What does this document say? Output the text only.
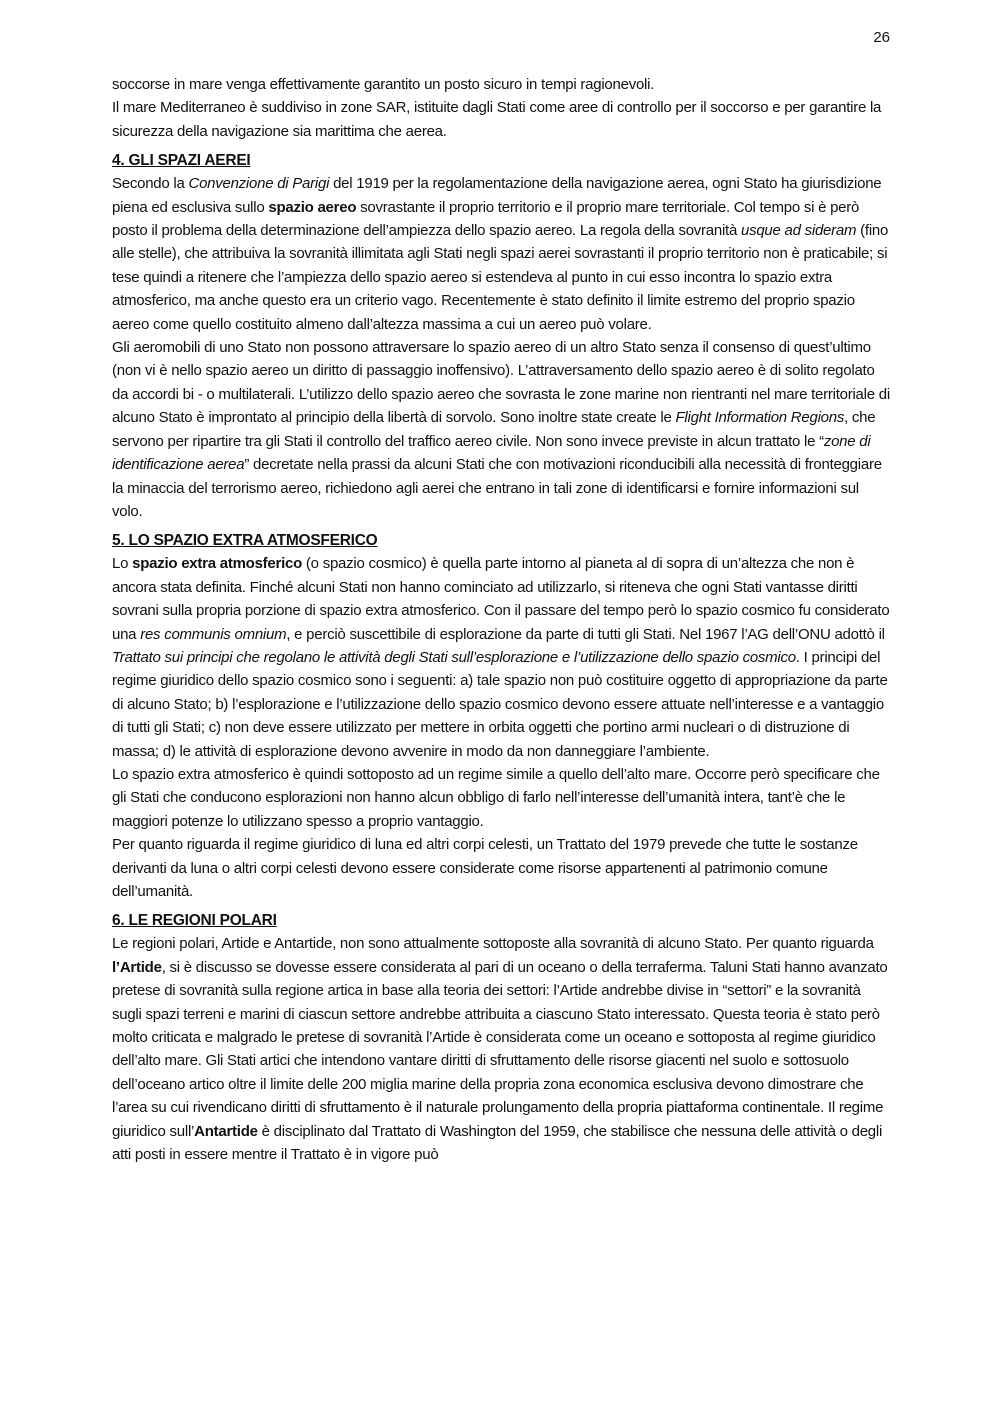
26

soccorse in mare venga effettivamente garantito un posto sicuro in tempi ragionevoli.

Il mare Mediterraneo è suddiviso in zone SAR, istituite dagli Stati come aree di controllo per il soccorso e per garantire la sicurezza della navigazione sia marittima che aerea.

4. GLI SPAZI AEREI

Secondo la Convenzione di Parigi del 1919 per la regolamentazione della navigazione aerea, ogni Stato ha giurisdizione piena ed esclusiva sullo spazio aereo sovrastante il proprio territorio e il proprio mare territoriale. Col tempo si è però posto il problema della determinazione dell’ampiezza dello spazio aereo. La regola della sovranità usque ad sideram (fino alle stelle), che attribuiva la sovranità illimitata agli Stati negli spazi aerei sovrastanti il proprio territorio non è praticabile; si tese quindi a ritenere che l’ampiezza dello spazio aereo si estendeva al punto in cui esso incontra lo spazio extra atmosferico, ma anche questo era un criterio vago. Recentemente è stato definito il limite estremo del proprio spazio aereo come quello costituito almeno dall’altezza massima a cui un aereo può volare.

Gli aeromobili di uno Stato non possono attraversare lo spazio aereo di un altro Stato senza il consenso di quest’ultimo (non vi è nello spazio aereo un diritto di passaggio inoffensivo). L’attraversamento dello spazio aereo è di solito regolato da accordi bi - o multilaterali. L’utilizzo dello spazio aereo che sovrasta le zone marine non rientranti nel mare territoriale di alcuno Stato è improntato al principio della libertà di sorvolo. Sono inoltre state create le Flight Information Regions, che servono per ripartire tra gli Stati il controllo del traffico aereo civile. Non sono invece previste in alcun trattato le “zone di identificazione aerea” decretate nella prassi da alcuni Stati che con motivazioni riconducibili alla necessità di fronteggiare la minaccia del terrorismo aereo, richiedono agli aerei che entrano in tali zone di identificarsi e fornire informazioni sul volo.

5. LO SPAZIO EXTRA ATMOSFERICO

Lo spazio extra atmosferico (o spazio cosmico) è quella parte intorno al pianeta al di sopra di un’altezza che non è ancora stata definita. Finché alcuni Stati non hanno cominciato ad utilizzarlo, si riteneva che ogni Stati vantasse diritti sovrani sulla propria porzione di spazio extra atmosferico. Con il passare del tempo però lo spazio cosmico fu considerato una res communis omnium, e perciò suscettibile di esplorazione da parte di tutti gli Stati. Nel 1967 l’AG dell’ONU adottò il Trattato sui principi che regolano le attività degli Stati sull’esplorazione e l’utilizzazione dello spazio cosmico. I principi del regime giuridico dello spazio cosmico sono i seguenti: a) tale spazio non può costituire oggetto di appropriazione da parte di alcuno Stato; b) l’esplorazione e l’utilizzazione dello spazio cosmico devono essere attuate nell’interesse e a vantaggio di tutti gli Stati; c) non deve essere utilizzato per mettere in orbita oggetti che portino armi nucleari o di distruzione di massa; d) le attività di esplorazione devono avvenire in modo da non danneggiare l’ambiente.

Lo spazio extra atmosferico è quindi sottoposto ad un regime simile a quello dell’alto mare. Occorre però specificare che gli Stati che conducono esplorazioni non hanno alcun obbligo di farlo nell’interesse dell’umanità intera, tant’è che le maggiori potenze lo utilizzano spesso a proprio vantaggio.

Per quanto riguarda il regime giuridico di luna ed altri corpi celesti, un Trattato del 1979 prevede che tutte le sostanze derivanti da luna o altri corpi celesti devono essere considerate come risorse appartenenti al patrimonio comune dell’umanità.

6. LE REGIONI POLARI

Le regioni polari, Artide e Antartide, non sono attualmente sottoposte alla sovranità di alcuno Stato. Per quanto riguarda l’Artide, si è discusso se dovesse essere considerata al pari di un oceano o della terraferma. Taluni Stati hanno avanzato pretese di sovranità sulla regione artica in base alla teoria dei settori: l’Artide andrebbe divise in “settori” e la sovranità sugli spazi terreni e marini di ciascun settore andrebbe attribuita a ciascuno Stato interessato. Questa teoria è stato però molto criticata e malgrado le pretese di sovranità l’Artide è considerata come un oceano e sottoposta al regime giuridico dell’alto mare. Gli Stati artici che intendono vantare diritti di sfruttamento delle risorse giacenti nel suolo e sottosuolo dell’oceano artico oltre il limite delle 200 miglia marine della propria zona economica esclusiva devono dimostrare che l’area su cui rivendicano diritti di sfruttamento è il naturale prolungamento della propria piattaforma continentale. Il regime giuridico sull’Antartide è disciplinato dal Trattato di Washington del 1959, che stabilisce che nessuna delle attività o degli atti posti in essere mentre il Trattato è in vigore può
